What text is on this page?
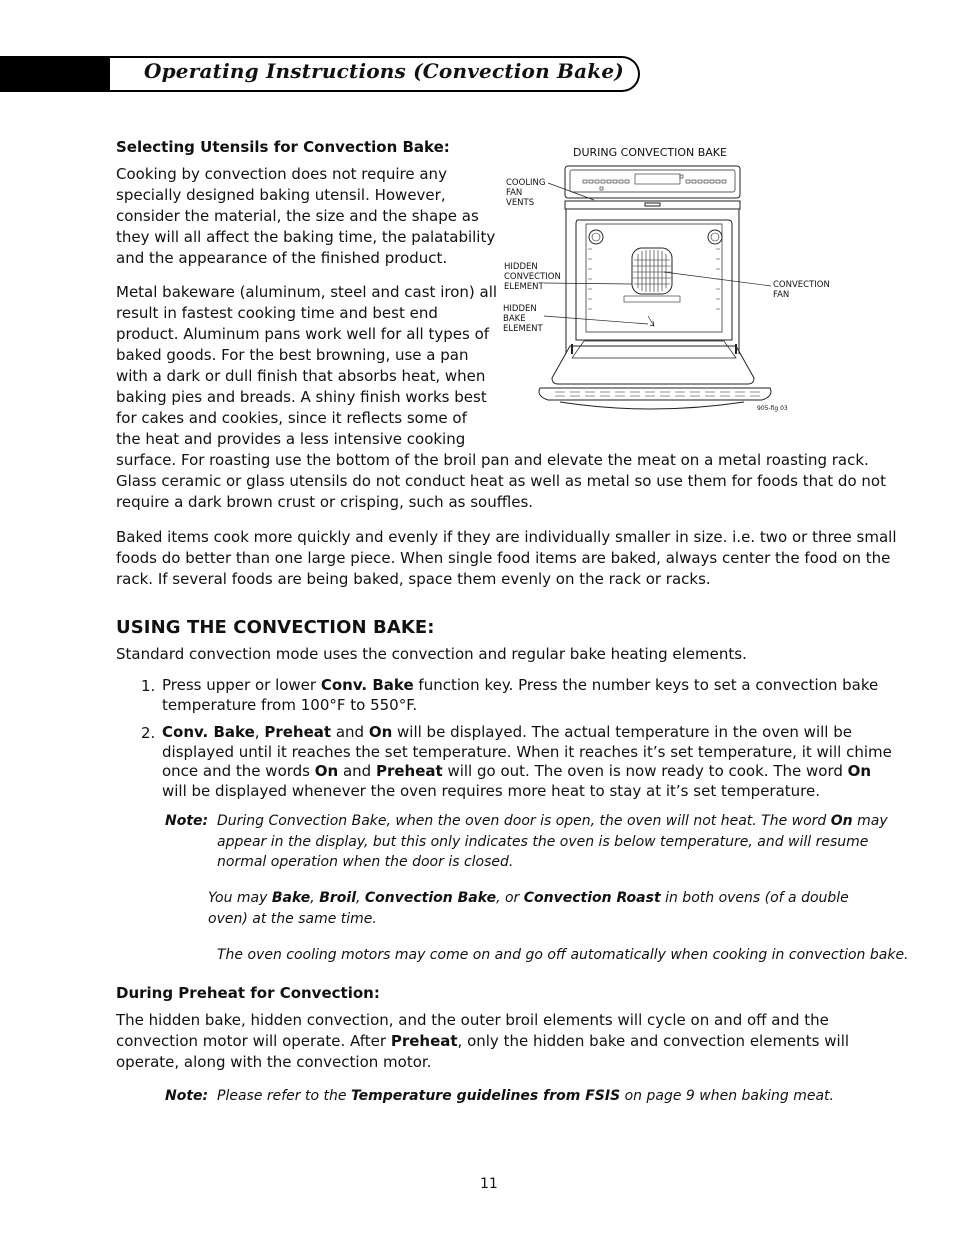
Operating Instructions (Convection Bake)
Selecting Utensils for Convection Bake:
Cooking by convection does not require any
specially designed baking utensil. However,
consider the material, the size and the shape as
they will all affect the baking time, the palatability
and the appearance of the finished product.
Metal bakeware (aluminum, steel and cast iron) all
result in fastest cooking time and best end
product. Aluminum pans work well for all types of
baked goods. For the best browning, use a pan
with a dark or dull finish that absorbs heat, when
baking pies and breads. A shiny finish works best
for cakes and cookies, since it reflects some of
the heat and provides a less intensive cooking
surface. For roasting use the bottom of the broil pan and elevate the meat on a metal roasting rack.
Glass ceramic or glass utensils do not conduct heat as well as metal so use them for foods that do not
require a dark brown crust or crisping, such as souffles.
Baked items cook more quickly and evenly if they are individually smaller in size. i.e. two or three small
foods do better than one large piece. When single food items are baked, always center the food on the
rack. If several foods are being baked, space them evenly on the rack or racks.
DURING CONVECTION BAKE
COOLING
FAN
VENTS
HIDDEN
CONVECTION
ELEMENT
HIDDEN
BAKE
ELEMENT
CONVECTION
FAN
905-fig 03
USING THE CONVECTION BAKE:
Standard convection mode uses the convection and regular bake heating elements.
1. Press upper or lower Conv. Bake function key. Press the number keys to set a convection bake
temperature from 100°F to 550°F.
2. Conv. Bake, Preheat and On will be displayed. The actual temperature in the oven will be
displayed until it reaches the set temperature. When it reaches it’s set temperature, it will chime
once and the words On and Preheat will go out. The oven is now ready to cook. The word On
will be displayed whenever the oven requires more heat to stay at it’s set temperature.
Note: During Convection Bake, when the oven door is open, the oven will not heat. The word On may
appear in the display, but this only indicates the oven is below temperature, and will resume
normal operation when the door is closed.
You may Bake, Broil, Convection Bake, or Convection Roast in both ovens (of a double
oven) at the same time.
The oven cooling motors may come on and go off automatically when cooking in convection bake.
During Preheat for Convection:
The hidden bake, hidden convection, and the outer broil elements will cycle on and off and the
convection motor will operate. After Preheat, only the hidden bake and convection elements will
operate, along with the convection motor.
Note: Please refer to the Temperature guidelines from FSIS on page 9 when baking meat.
11
